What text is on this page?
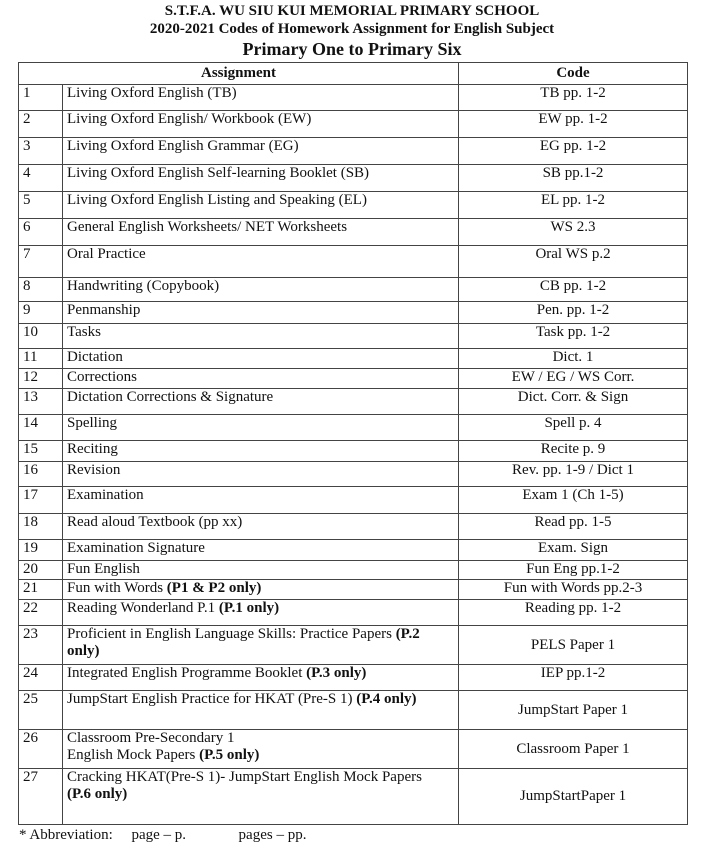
S.T.F.A. WU SIU KUI MEMORIAL PRIMARY SCHOOL
2020-2021 Codes of Homework Assignment for English Subject
Primary One to Primary Six
Assignment		Code
1	Living Oxford English (TB)	TB pp. 1-2
2	Living Oxford English/ Workbook (EW)	EW pp. 1-2
3	Living Oxford English Grammar (EG)	EG pp. 1-2
4	Living Oxford English Self-learning Booklet (SB)	SB pp.1-2
5	Living Oxford English Listing and Speaking (EL)	EL pp. 1-2
6	General English Worksheets/ NET Worksheets	WS 2.3
7	Oral Practice	Oral WS p.2
8	Handwriting (Copybook)	CB pp. 1-2
9	Penmanship	Pen. pp. 1-2
10	Tasks	Task pp. 1-2
11	Dictation	Dict. 1
12	Corrections	EW / EG / WS Corr.
13	Dictation Corrections & Signature	Dict. Corr. & Sign
14	Spelling	Spell p. 4
15	Reciting	Recite p. 9
16	Revision	Rev. pp. 1-9 / Dict 1
17	Examination	Exam 1 (Ch 1-5)
18	Read aloud Textbook (pp xx)	Read pp. 1-5
19	Examination Signature	Exam. Sign
20	Fun English	Fun Eng pp.1-2
21	Fun with Words (P1 & P2 only)	Fun with Words pp.2-3
22	Reading Wonderland P.1 (P.1 only)	Reading pp. 1-2
23	Proficient in English Language Skills: Practice Papers (P.2 only)	PELS Paper 1
24	Integrated English Programme Booklet (P.3 only)	IEP pp.1-2
25	JumpStart English Practice for HKAT (Pre-S 1) (P.4 only)	JumpStart Paper 1
26	Classroom Pre-Secondary 1
English Mock Papers (P.5 only)	Classroom Paper 1
27	Cracking HKAT(Pre-S 1)- JumpStart English Mock Papers
(P.6 only)	JumpStartPaper 1
* Abbreviation:     page – p.              pages – pp.
